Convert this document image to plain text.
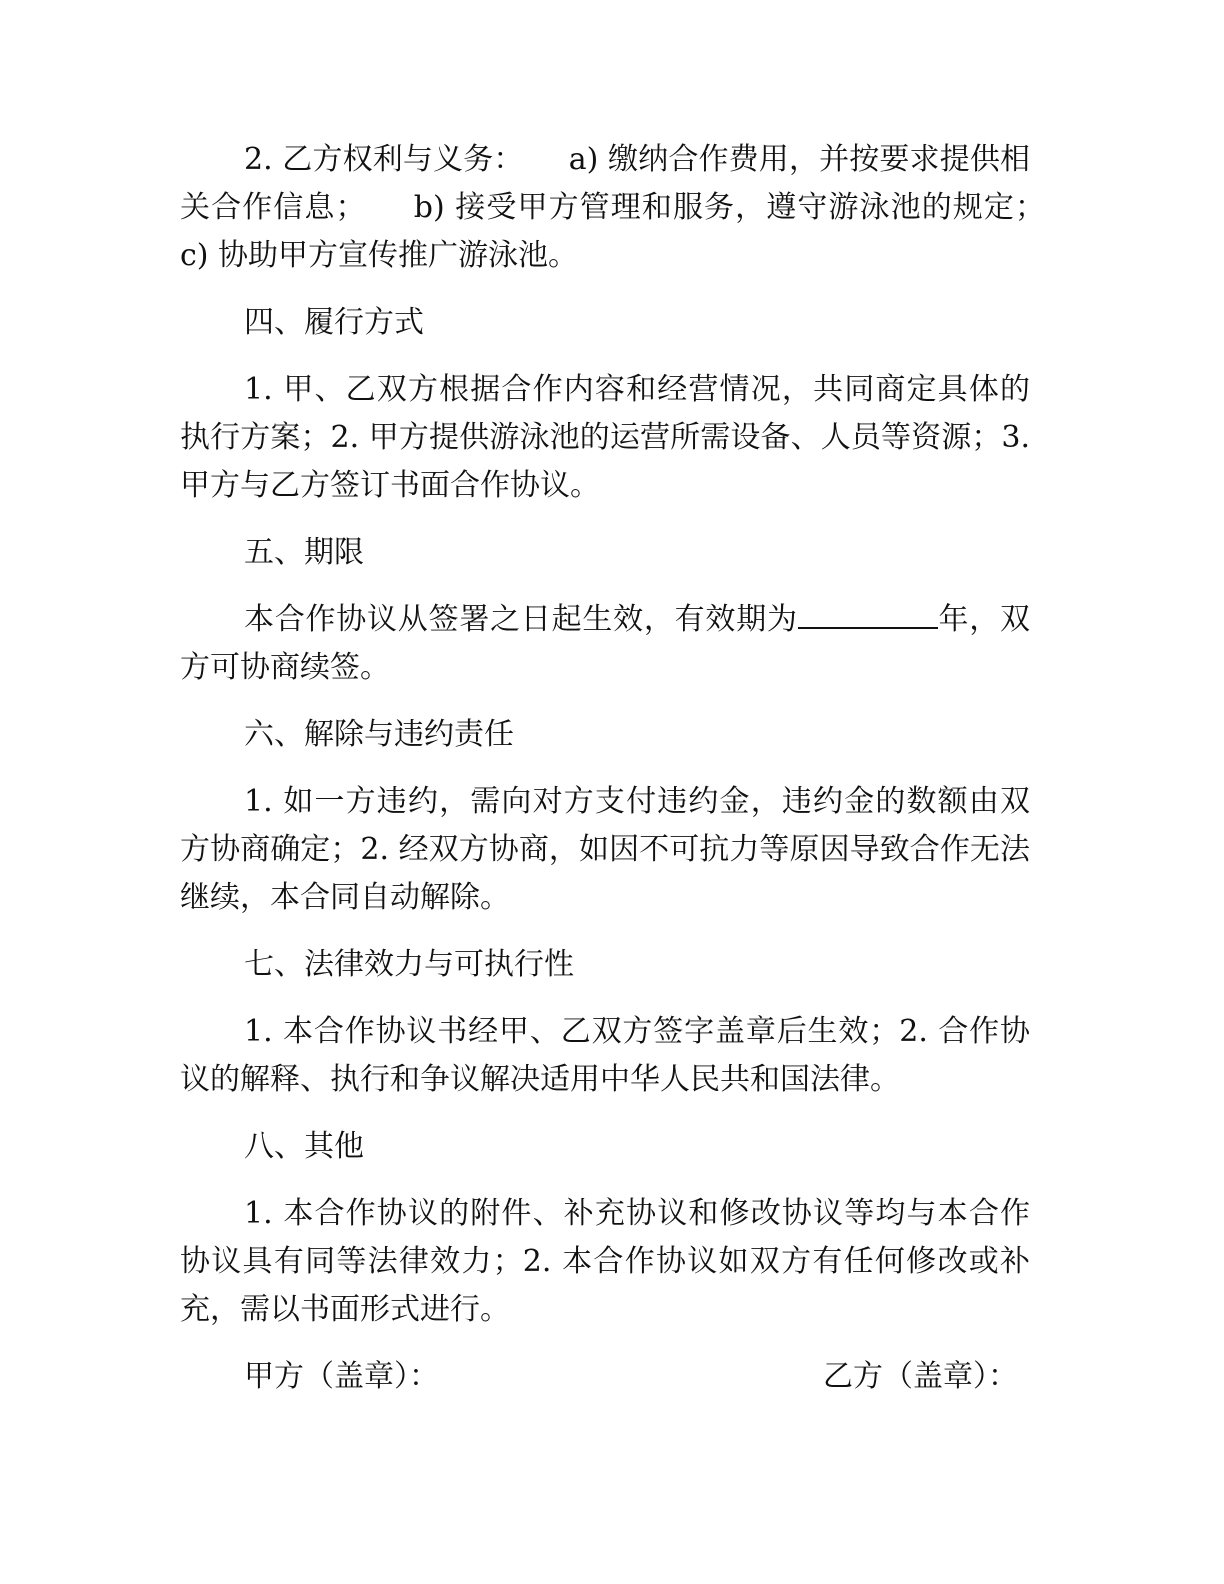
2. 乙方权利与义务：　　a) 缴纳合作费用，并按要求提供相关合作信息；　　b) 接受甲方管理和服务，遵守游泳池的规定；　　c) 协助甲方宣传推广游泳池。

四、履行方式

1. 甲、乙双方根据合作内容和经营情况，共同商定具体的执行方案；2. 甲方提供游泳池的运营所需设备、人员等资源；3. 甲方与乙方签订书面合作协议。

五、期限

本合作协议从签署之日起生效，有效期为	年，双方可协商续签。

六、解除与违约责任

1. 如一方违约，需向对方支付违约金，违约金的数额由双方协商确定；2. 经双方协商，如因不可抗力等原因导致合作无法继续，本合同自动解除。

七、法律效力与可执行性

1. 本合作协议书经甲、乙双方签字盖章后生效；2. 合作协议的解释、执行和争议解决适用中华人民共和国法律。

八、其他

1. 本合作协议的附件、补充协议和修改协议等均与本合作协议具有同等法律效力；2. 本合作协议如双方有任何修改或补充，需以书面形式进行。

甲方（盖章）：	乙方（盖章）：
